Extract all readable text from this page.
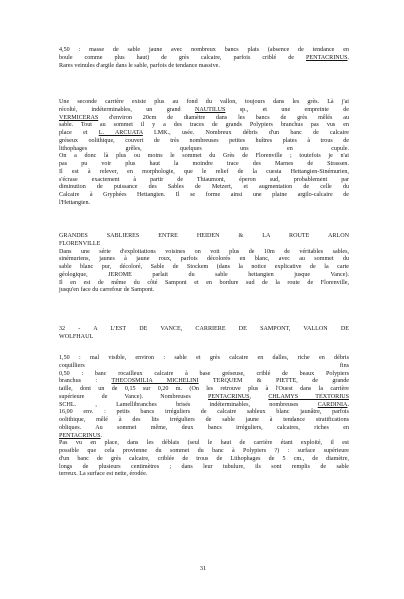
4,50 : masse de sable jaune avec nombreux bancs plats (absence de tendance en

boule comme plus haut) de grès calcaire, parfois criblé de PENTACRINUS.

Rares veinules d'argile dans le sable, parfois de tendance massive.

Une seconde carrière existe plus au fond du vallon, toujours dans les grès. Là j'ai

récolté, indéterminables, un grand NAUTILUS sp., et une empreinte de

VERMICERAS d'environ 20cm de diamètre dans les bancs de grès mêlés au

sable. Tout au sommet il y a des traces de grands Polypiers branchus pas vus en

place et L. ARCUATA LMK., usée. Nombreux débris d'un banc de calcaire

gréseux oolithique, couvert de très nombreuses petites huîtres plates à trous de

lithophages grêles, quelques uns en cupule.

On a donc là plus ou moins le sommet du Grès de Florenville ; toutefois je n'ai

pas pu voir plus haut la moindre trace des Marnes de Strassen.

Il est à relever, en morphologie, que le relief de la cuesta Hettangien-Sinémurien,

s'écrase exactement à partir de Thiaumont, éperon sud, probablement par

diminution de puissance des Sables de Metzert, et augmentation de celle du

Calcaire à Gryphées Hettangien. Il se forme ainsi une plaine argilo-calcaire de

l'Hettangien.

GRANDES SABLIERES ENTRE HEIDEN & LA ROUTE ARLON

FLORENVILLE

Dans une série d'exploitations voisines on voit plus de 10m de véritables sables,

sinémuriens, jaunes à jaune roux, parfois décolorés en blanc, avec au sommet du

sable blanc pur, décoloré, Sable de Stockem (dans la notice explicative de la carte

géologique, JEROME parlait du sable hettangien jusque Vance).

Il en est de même du côté Sampont et en bordure sud de la route de Florenville,

jusqu'en face du carrefour de Sampont.

32 - A L'EST DE VANCE, CARRIERE DE SAMPONT, VALLON DE

WOLFHAUL

1,50 : mal visible, environ : sable et grès calcaire en dalles, riche en débris

coquilliers fins

0,50 : banc rocailleux calcaire à base gréseuse, criblé de beaux Polypiers

branchus : THECOSMILIA MICHELINI TERQUEM & PIETTE, de grande

taille, dont un de 0,15 sur 0,20 m. (On les retrouve plus à l'Ouest dans la carrière

supérieure de Vance). Nombreuses PENTACRINUS, CHLAMYS TEXTORIUS

SCHL. , Lamellibranches brisés indéterminables, nombreuses CARDINIA.

16,00 env. : petits bancs irréguliers de calcaire sableux blanc jaunâtre, parfois

oolithique, mêlé à des lits irréguliers de sable jaune à tendance stratifications

obliques. Au sommet même, deux bancs irréguliers, calcaires, riches en

PENTACRINUS.

Pas vu en place, dans les déblais (seul le haut de carrière étant exploité, il est

possible que cela provienne du sommet du banc à Polypiers ?) : surface supérieure

d'un banc de grès calcaire, criblée de trous de Lithophages de 5 cm., de diamètre,

longs de plusieurs centimètres ; dans leur tubulure, ils sont remplis de sable

terreux. La surface est nette, érodée.

31
